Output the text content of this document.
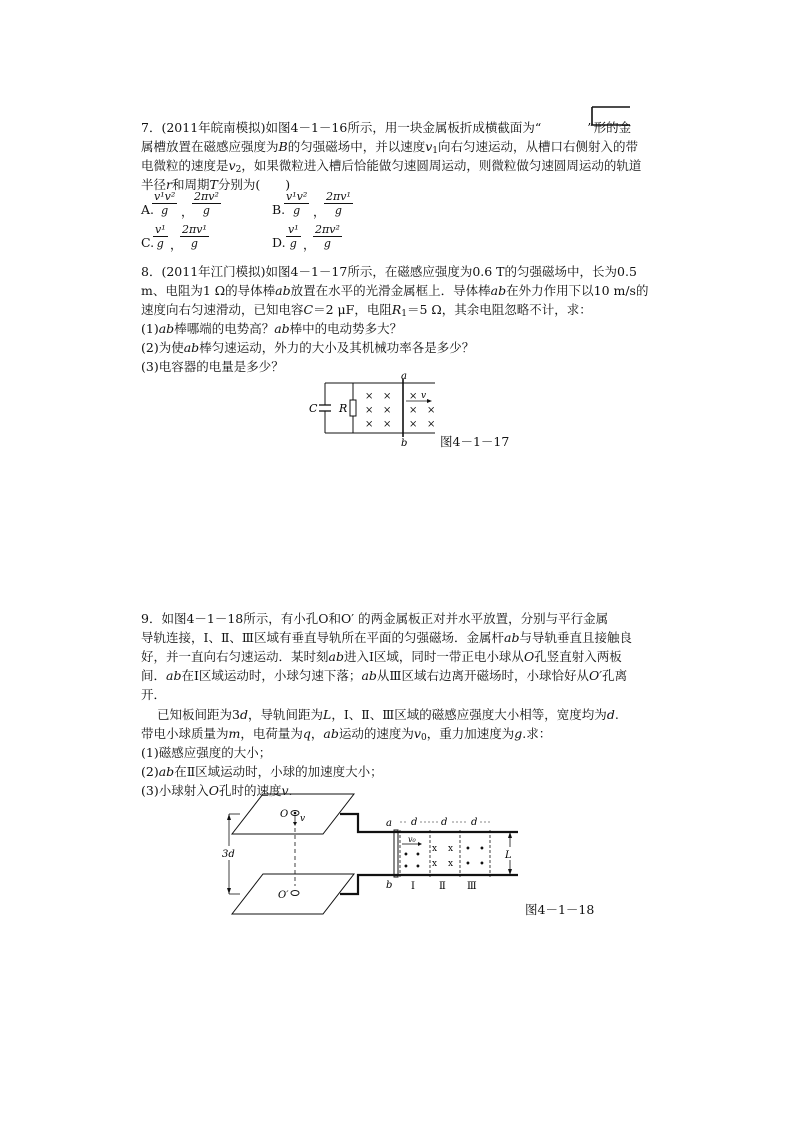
7．(2011年皖南模拟)如图4－1－16所示，用一块金属板折成横截面为“	”形的金
属槽放置在磁感应强度为B的匀强磁场中，并以速度$v_1$向右匀速运动，从槽口右侧射入的带
电微粒的速度是$v_2$，如果微粒进入槽后恰能做匀速圆周运动，则微粒做匀速圆周运动的轨道
半径r和周期T分别为(　　)
A.
$\frac{\text{v¹v²}}{g}$ ，
$\frac{\text{2πv²}}{g}$	B.
$\frac{\text{v¹v²}}{g}$ ，
$\frac{\text{2πv¹}}{g}$
C.
$\frac{\text{v¹}}{g}$ ，
$\frac{\text{2πv¹}}{g}$	D. $\frac{\text{v¹}}{g}$ ，
$\frac{\text{2πv²}}{g}$
8．(2011年江门模拟)如图4－1－17所示，在磁感应强度为0.6 T的匀强磁场中，长为0.5
m、电阻为1 Ω的导体棒ab放置在水平的光滑金属框上．导体棒ab在外力作用下以10 m/s的
速度向右匀速滑动，已知电容C＝2 μF，电阻$R_1=5$ Ω，其余电阻忽略不计，求：
(1)ab棒哪端的电势高？ab棒中的电动势多大？
(2)为使ab棒匀速运动，外力的大小及其机械功率各是多少？
(3)电容器的电量是多少？
C R
a
b
× × ×
× × × ×
× × × ×
v
图4－1－17
9．如图4－1－18所示，有小孔O和O′ 的两金属板正对并水平放置，分别与平行金属
导轨连接，Ⅰ、Ⅱ、Ⅲ区域有垂直导轨所在平面的匀强磁场．金属杆ab与导轨垂直且接触良
好，并一直向右匀速运动．某时刻ab进入Ⅰ区域，同时一带正电小球从O孔竖直射入两板
间．ab在Ⅰ区域运动时，小球匀速下落；ab从Ⅲ区域右边离开磁场时，小球恰好从O′孔离
开．
已知板间距为3d，导轨间距为L，Ⅰ、Ⅱ、Ⅲ区域的磁感应强度大小相等，宽度均为d.
带电小球质量为m，电荷量为q，ab运动的速度为$v_0$，重力加速度为g.求：
(1)磁感应强度的大小；
(2)ab在Ⅱ区域运动时，小球的加速度大小；
(3)小球射入O孔时的速度v.
O v
O′
3d
a
b
d d d
v₀
• •
• •
x x
x x
• •
• •
Ⅰ Ⅱ Ⅲ
L
图4－1－18
